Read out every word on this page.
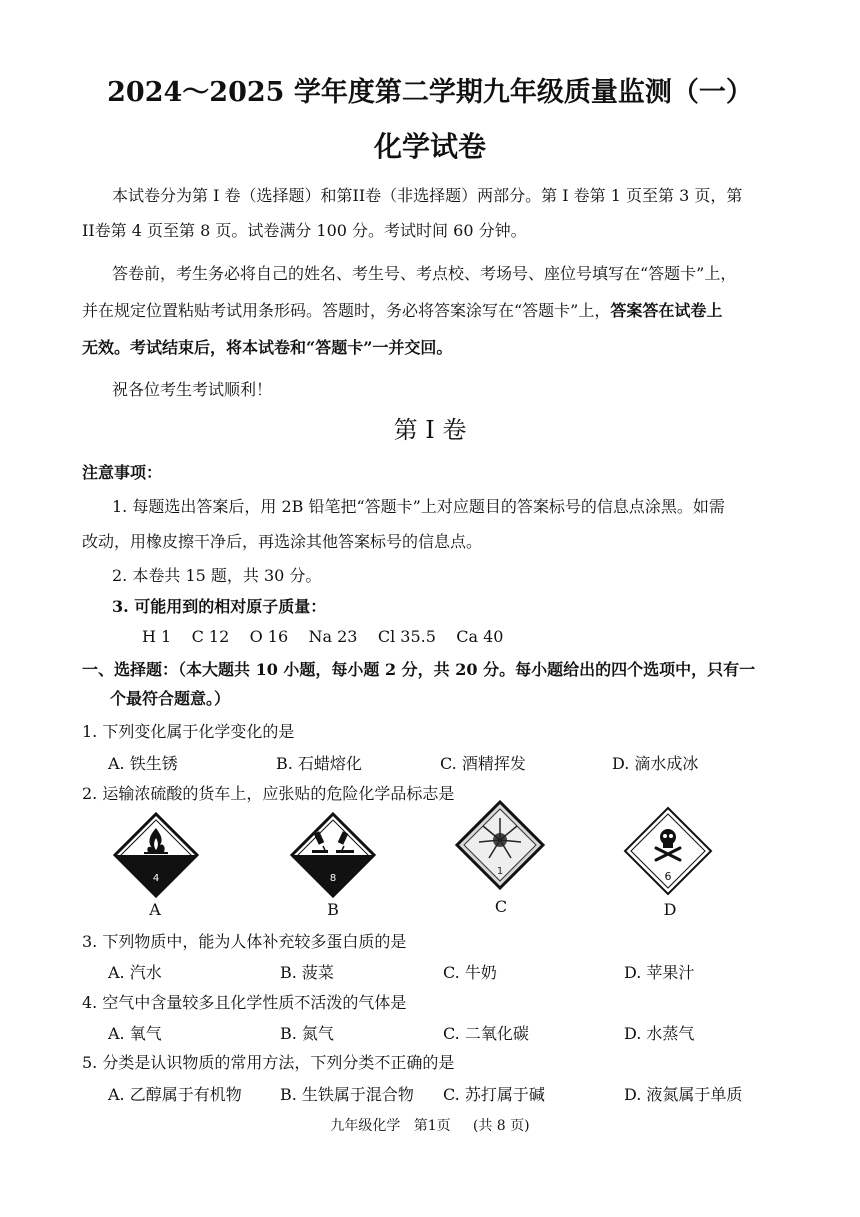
2024～2025 学年度第二学期九年级质量监测（一）
化学试卷
本试卷分为第 I 卷（选择题）和第II卷（非选择题）两部分。第 I 卷第 1 页至第 3 页，第
II卷第 4 页至第 8 页。试卷满分 100 分。考试时间 60 分钟。
答卷前，考生务必将自己的姓名、考生号、考点校、考场号、座位号填写在“答题卡”上，
并在规定位置粘贴考试用条形码。答题时，务必将答案涂写在“答题卡”上，答案答在试卷上
无效。考试结束后，将本试卷和“答题卡”一并交回。
祝各位考生考试顺利！
第 I 卷
注意事项：
1. 每题选出答案后，用 2B 铅笔把“答题卡”上对应题目的答案标号的信息点涂黑。如需
改动，用橡皮擦干净后，再选涂其他答案标号的信息点。
2. 本卷共 15 题，共 30 分。
3. 可能用到的相对原子质量：
H 1    C 12    O 16    Na 23    Cl 35.5    Ca 40
一、选择题：（本大题共 10 小题，每小题 2 分，共 20 分。每小题给出的四个选项中，只有一
个最符合题意。）
1. 下列变化属于化学变化的是
A. 铁生锈	B. 石蜡熔化	C. 酒精挥发	D. 滴水成冰
2. 运输浓硫酸的货车上，应张贴的危险化学品标志是
4
A
8
B
1
C
6
D
3. 下列物质中，能为人体补充较多蛋白质的是
A. 汽水	B. 菠菜	C. 牛奶	D. 苹果汁
4. 空气中含量较多且化学性质不活泼的气体是
A. 氧气	B. 氮气	C. 二氧化碳	D. 水蒸气
5. 分类是认识物质的常用方法，下列分类不正确的是
A. 乙醇属于有机物 B. 生铁属于混合物 C. 苏打属于碱	D. 液氮属于单质
九年级化学   第1页     (共 8 页)
